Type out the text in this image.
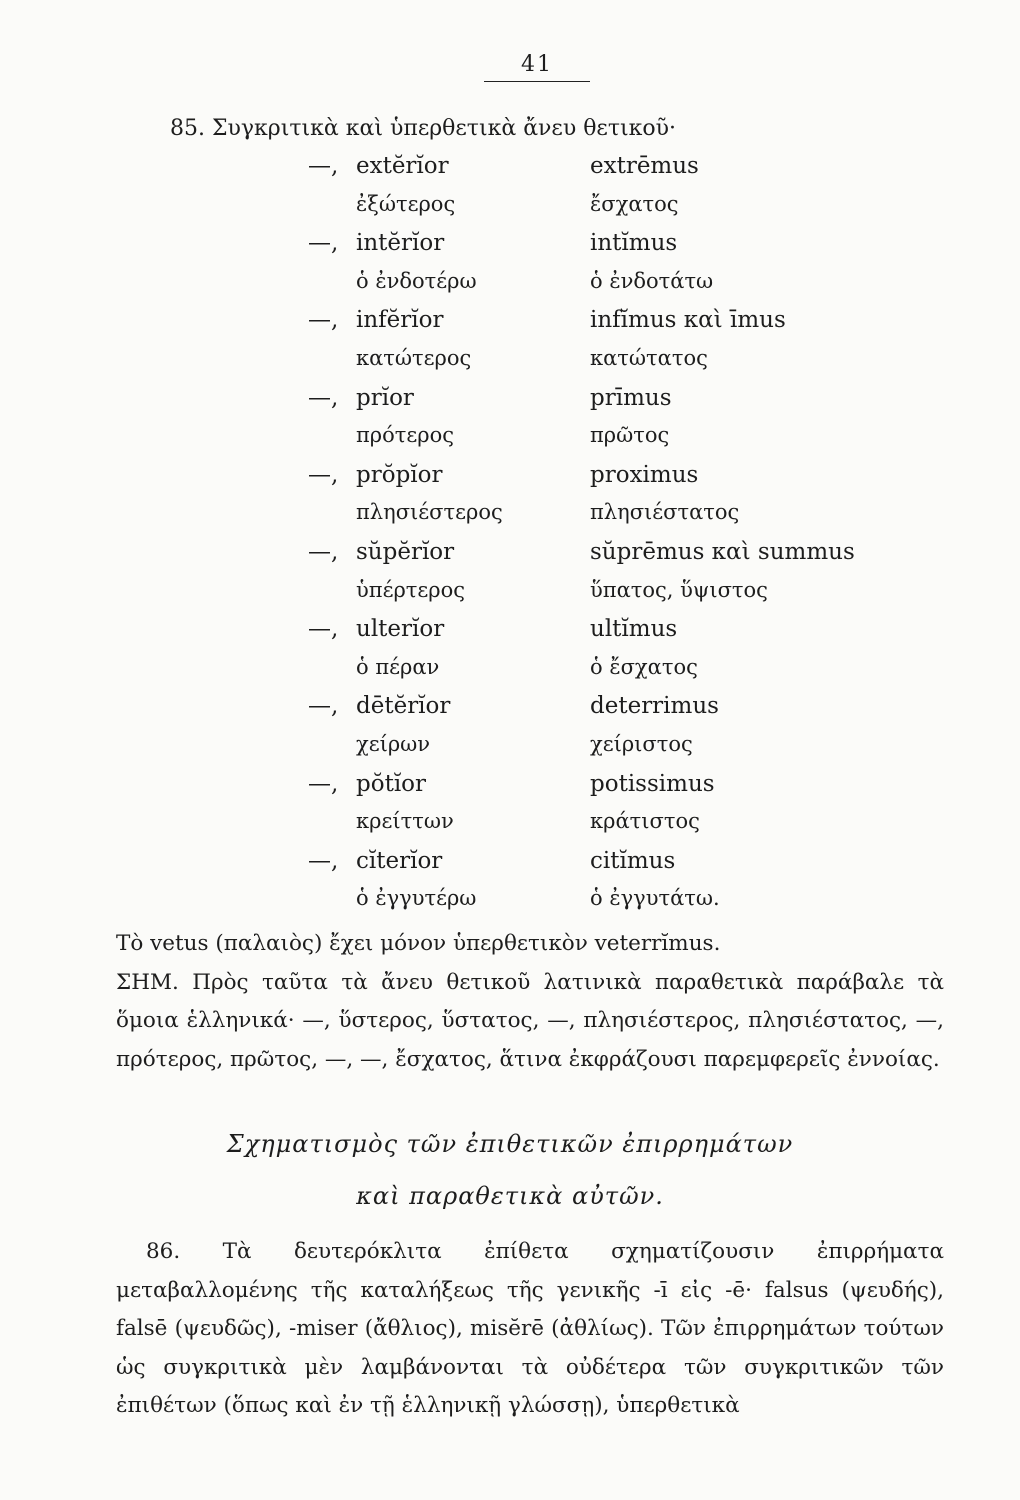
41
85. Συγκριτικὰ καὶ ὑπερθετικὰ ἄνευ θετικοῦ·
—, extĕrĭor	extrēmus
ἐξώτερος	ἔσχατος
—, intĕrĭor	intĭmus
ὁ ἐνδοτέρω	ὁ ἐνδοτάτω
—, infĕrĭor	infĭmus καὶ īmus
κατώτερος	κατώτατος
—, prĭor	prīmus
πρότερος	πρῶτος
—, prŏpĭor	proximus
πλησιέστερος	πλησιέστατος
—, sŭpĕrĭor	sŭprēmus καὶ summus
ὑπέρτερος	ὕπατος, ὕψιστος
—, ulterĭor	ultĭmus
ὁ πέραν	ὁ ἔσχατος
—, dētĕrĭor	deterrimus
χείρων	χείριστος
—, pŏtĭor	potissimus
κρείττων	κράτιστος
—, cĭterĭor	citĭmus
ὁ ἐγγυτέρω	ὁ ἐγγυτάτω.
Τὸ vetus (παλαιὸς) ἔχει μόνον ὑπερθετικὸν veterrĭmus.
ΣΗΜ. Πρὸς ταῦτα τὰ ἄνευ θετικοῦ λατινικὰ παραθετικὰ παράβαλε τὰ ὅμοια ἑλληνικά· —, ὕστερος, ὕστατος, —, πλησιέστερος, πλησιέστατος, —, πρότερος, πρῶτος, —, —, ἔσχατος, ἅτινα ἐκφράζουσι παρεμφερεῖς ἐννοίας.
Σχηματισμὸς τῶν ἐπιθετικῶν ἐπιρρημάτων
καὶ παραθετικὰ αὐτῶν.
86. Τὰ δευτερόκλιτα ἐπίθετα σχηματίζουσιν ἐπιρρήματα μεταβαλλομένης τῆς καταλήξεως τῆς γενικῆς -ī εἰς -ē· falsus (ψευδής), falsē (ψευδῶς), -miser (ἄθλιος), misĕrē (ἀθλίως). Τῶν ἐπιρρημάτων τούτων ὡς συγκριτικὰ μὲν λαμβάνονται τὰ οὐδέτερα τῶν συγκριτικῶν τῶν ἐπιθέτων (ὅπως καὶ ἐν τῇ ἑλληνικῇ γλώσσῃ), ὑπερθετικὰ
